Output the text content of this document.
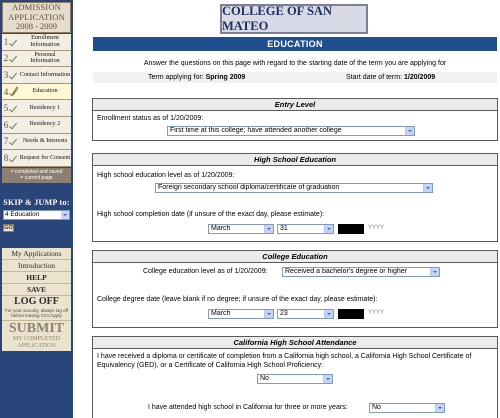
ADMISSION
APPLICATION
2008 - 2009
1	Enrollment Information
2	Personal Information
3 Contact Information
4	Education
5	Residency 1
6	Residency 2
7	Needs & Interests
8 Request for Consent
= completed and saved
= current page
SKIP & JUMP to:
4 Education
GO
My Applications
Introduction
HELP
SAVE
LOG OFF
For your security, always log off before leaving CCCApply
SUBMIT
MY COMPLETED APPLICATION
COLLEGE OF SAN MATEO
EDUCATION
Answer the questions on this page with regard to the starting date of the term you are applying for
Term applying for: Spring 2009	Start date of term: 1/20/2009
Entry Level
Enrollment status as of 1/20/2009:
First time at this college; have attended another college
High School Education
High school education level as of 1/20/2009:
Foreign secondary school diploma/certificate of graduation
High school completion date (if unsure of the exact day, please estimate):
March	31	YYYY
College Education
College education level as of 1/20/2009:	Received a bachelor's degree or higher
College degree date (leave blank if no degree; if unsure of the exact day, please estimate):
March	23	YYYY
California High School Attendance
I have received a diploma or certificate of completion from a California high school, a California High School Certificate of Equivalency (GED), or a Certificate of California High School Proficiency:
No
I have attended high school in California for three or more years:	No
